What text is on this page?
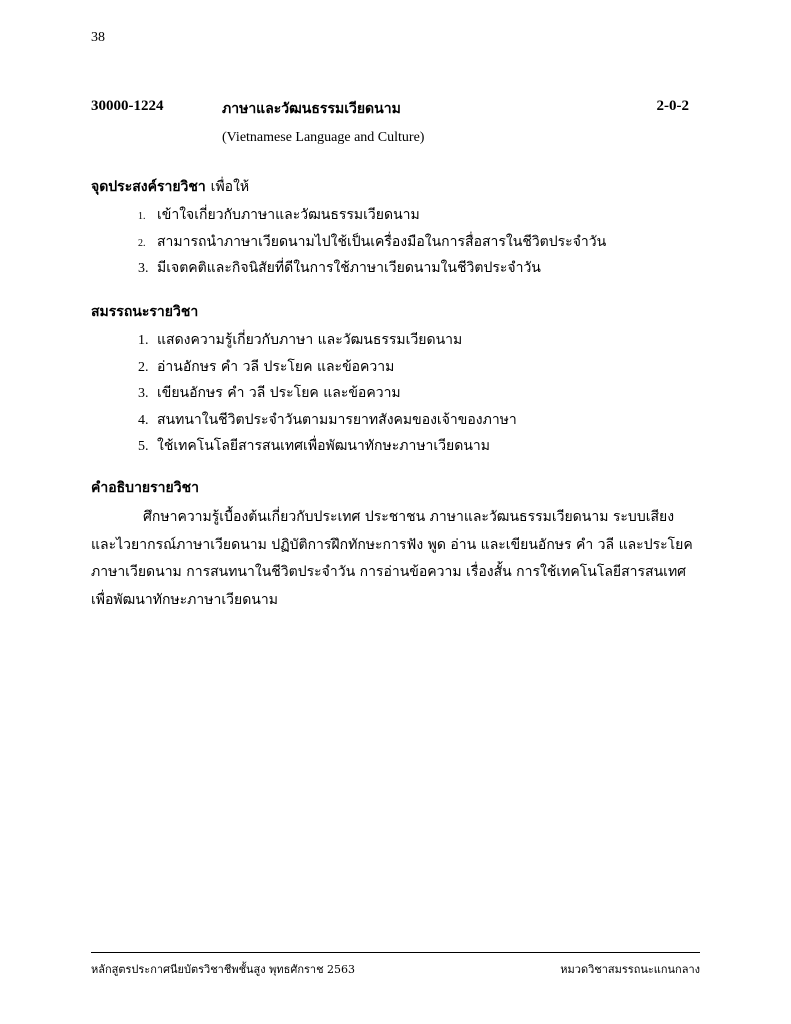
38
30000-1224	ภาษาและวัฒนธรรมเวียดนาม	2-0-2
(Vietnamese Language and Culture)
จุดประสงค์รายวิชา เพื่อให้
1. เข้าใจเกี่ยวกับภาษาและวัฒนธรรมเวียดนาม
2. สามารถนำภาษาเวียดนามไปใช้เป็นเครื่องมือในการสื่อสารในชีวิตประจำวัน
3. มีเจตคติและกิจนิสัยที่ดีในการใช้ภาษาเวียดนามในชีวิตประจำวัน
สมรรถนะรายวิชา
1. แสดงความรู้เกี่ยวกับภาษา และวัฒนธรรมเวียดนาม
2. อ่านอักษร คำ วลี ประโยค และข้อความ
3. เขียนอักษร คำ วลี ประโยค และข้อความ
4. สนทนาในชีวิตประจำวันตามมารยาทสังคมของเจ้าของภาษา
5. ใช้เทคโนโลยีสารสนเทศเพื่อพัฒนาทักษะภาษาเวียดนาม
คำอธิบายรายวิชา
ศึกษาความรู้เบื้องต้นเกี่ยวกับประเทศ ประชาชน ภาษาและวัฒนธรรมเวียดนาม ระบบเสียง
และไวยากรณ์ภาษาเวียดนาม ปฏิบัติการฝึกทักษะการฟัง พูด อ่าน และเขียนอักษร คำ วลี และประโยค
ภาษาเวียดนาม การสนทนาในชีวิตประจำวัน การอ่านข้อความ เรื่องสั้น การใช้เทคโนโลยีสารสนเทศ
เพื่อพัฒนาทักษะภาษาเวียดนาม
หลักสูตรประกาศนียบัตรวิชาชีพชั้นสูง พุทธศักราช 2563	หมวดวิชาสมรรถนะแกนกลาง
